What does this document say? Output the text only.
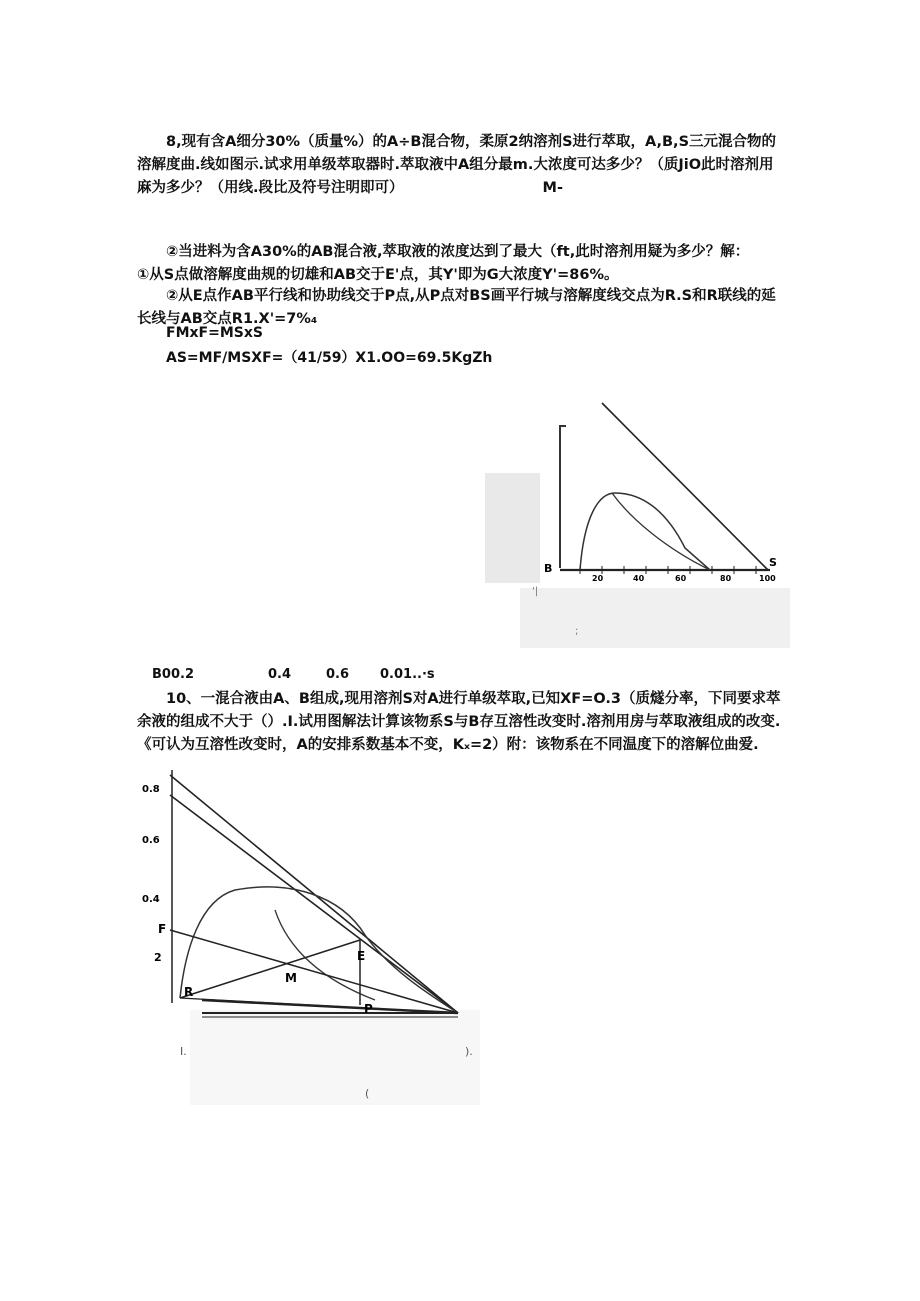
8,现有含A细分30%（质量%）的A÷B混合物，柔原2纳溶剂S进行萃取，A,B,S三元混合物的溶解度曲.线如图示.试求用单级萃取器时.萃取液中A组分最m.大浓度可达多少？（质JiO此时溶剂用麻为多少？（用线.段比及符号注明即可）	M-

②当进料为含A30%的AB混合液,萃取液的浓度达到了最大（ft,此时溶剂用疑为多少？解：
①从S点做溶解度曲规的切雄和AB交于E'点，其Y'即为G大浓度Y'=86%。

②从E点作AB平行线和协助线交于P点,从P点对BS画平行城与溶解度线交点为R.S和R联线的延长线与AB交点R1.X'=7%₄

FMxF=MSxS
AS=MF/MSXF=（41/59）X1.OO=69.5KgZh
B	S
20	40	60	80	100
'|
;
B00.2	0.4	0.6 0.01..·s

10、一混合液由A、B组成,现用溶剂S对A进行单级萃取,已知XF=O.3（质燧分率，下同要求萃余液的组成不大于（）.I.试用图解法计算该物系S与B存互溶性改变时.溶剂用房与萃取液组成的改变.《可认为互溶性改变时，A的安排系数基本不变，Kₓ=2）附：该物系在不同温度下的溶解位曲爱.

0.8
0.6
0.4
2
F
E
M
R
P
I.	).
(
